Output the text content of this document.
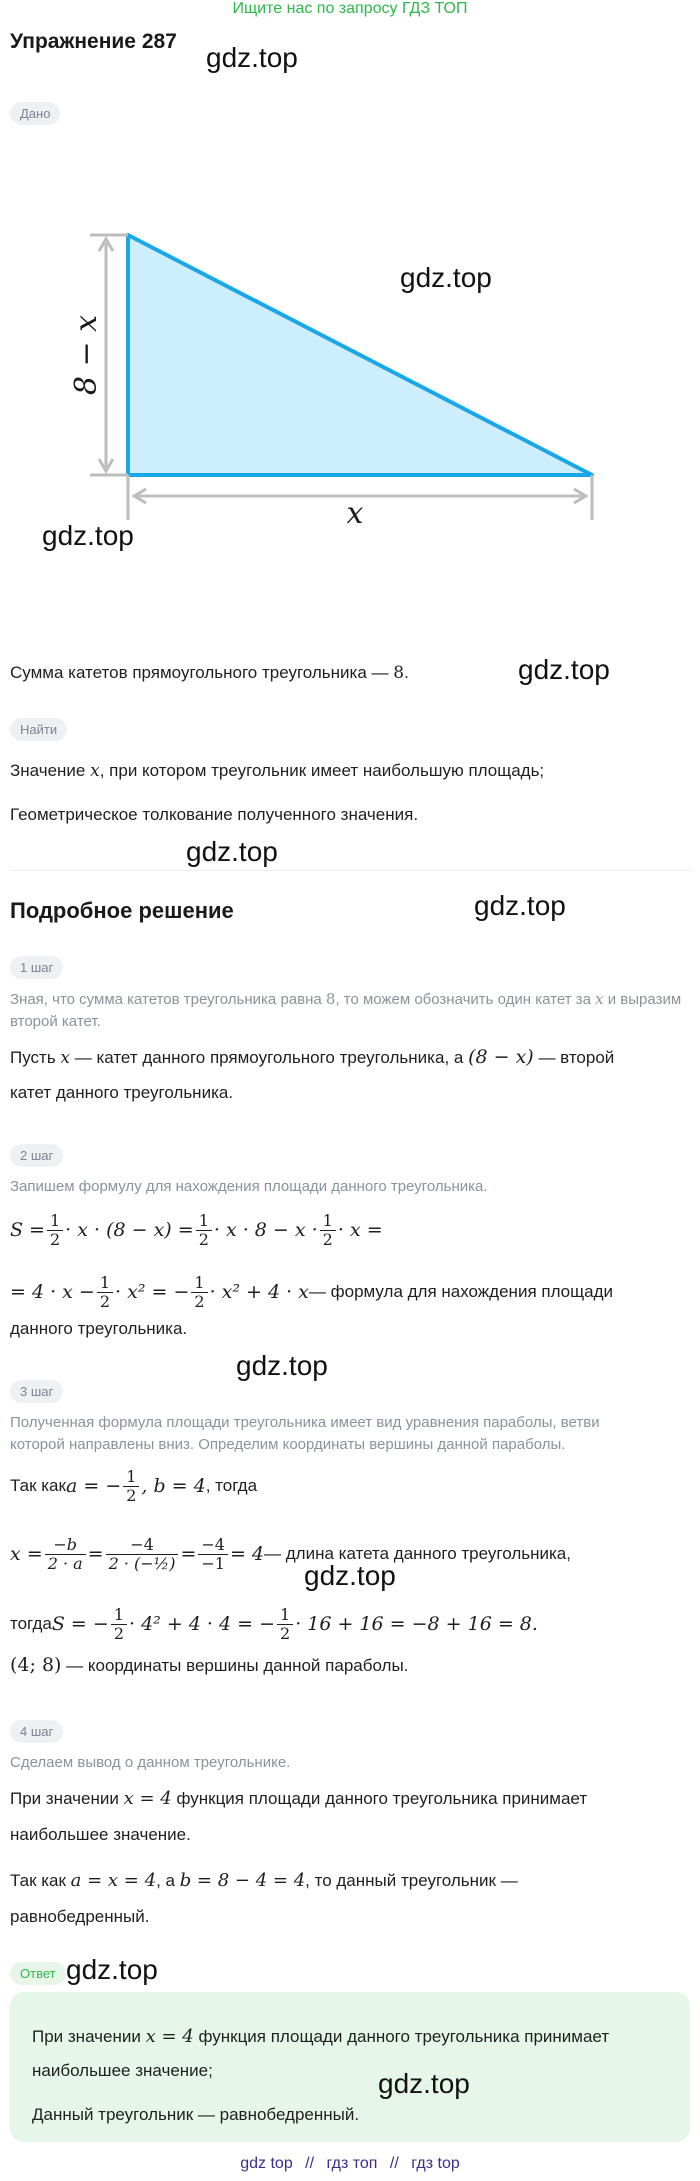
Ищите нас по запросу ГДЗ ТОП
Упражнение 287
gdz.top
Дано
8 − x
x
gdz.top
gdz.top
Сумма катетов прямоугольного треугольника — 8.	gdz.top
Найти
Значение x, при котором треугольник имеет наибольшую площадь;
Геометрическое толкование полученного значения.
gdz.top
Подробное решение	gdz.top
1 шаг
Зная, что сумма катетов треугольника равна 8, то можем обозначить один катет за x и выразим второй катет.
Пусть x — катет данного прямоугольного треугольника, а (8 − x) — второй
катет данного треугольника.
2 шаг
Запишем формулу для нахождения площади данного треугольника.
$S = \frac{1}{2} \cdot x \cdot (8 - x) = \frac{1}{2} \cdot x \cdot 8 - x \cdot \frac{1}{2} \cdot x$ =
= $4 \cdot x - \frac{1}{2} \cdot x^2$ = − $\frac{1}{2} \cdot x^2 + 4 \cdot x$ — формула для нахождения площади
данного треугольника.
gdz.top
3 шаг
Полученная формула площади треугольника имеет вид уравнения параболы, ветви
которой направлены вниз. Определим координаты вершины данной параболы.
Так как a = − $\frac{1}{2}$ , b = 4 , тогда
$x = \frac{-b}{2 \cdot a} = \frac{-4}{\text{2 · (−½)}} = \frac{-4}{-1} = 4$ — длина катета данного треугольника,
gdz.top
тогда S = − $\frac{1}{2} \cdot 4^2 + 4 \cdot 4$ = − $\frac{1}{2} \cdot 16 + 16 = -8 + 16 = 8$.
(4; 8) — координаты вершины данной параболы.
4 шаг
Сделаем вывод о данном треугольнике.
При значении x = 4 функция площади данного треугольника принимает
наибольшее значение.
Так как a = x = 4, а b = 8 − 4 = 4, то данный треугольник —
равнобедренный.
Ответ gdz.top
При значении x = 4 функция площади данного треугольника принимает
наибольшее значение;	gdz.top
Данный треугольник — равнобедренный.
gdz top // гдз топ // гдз top
